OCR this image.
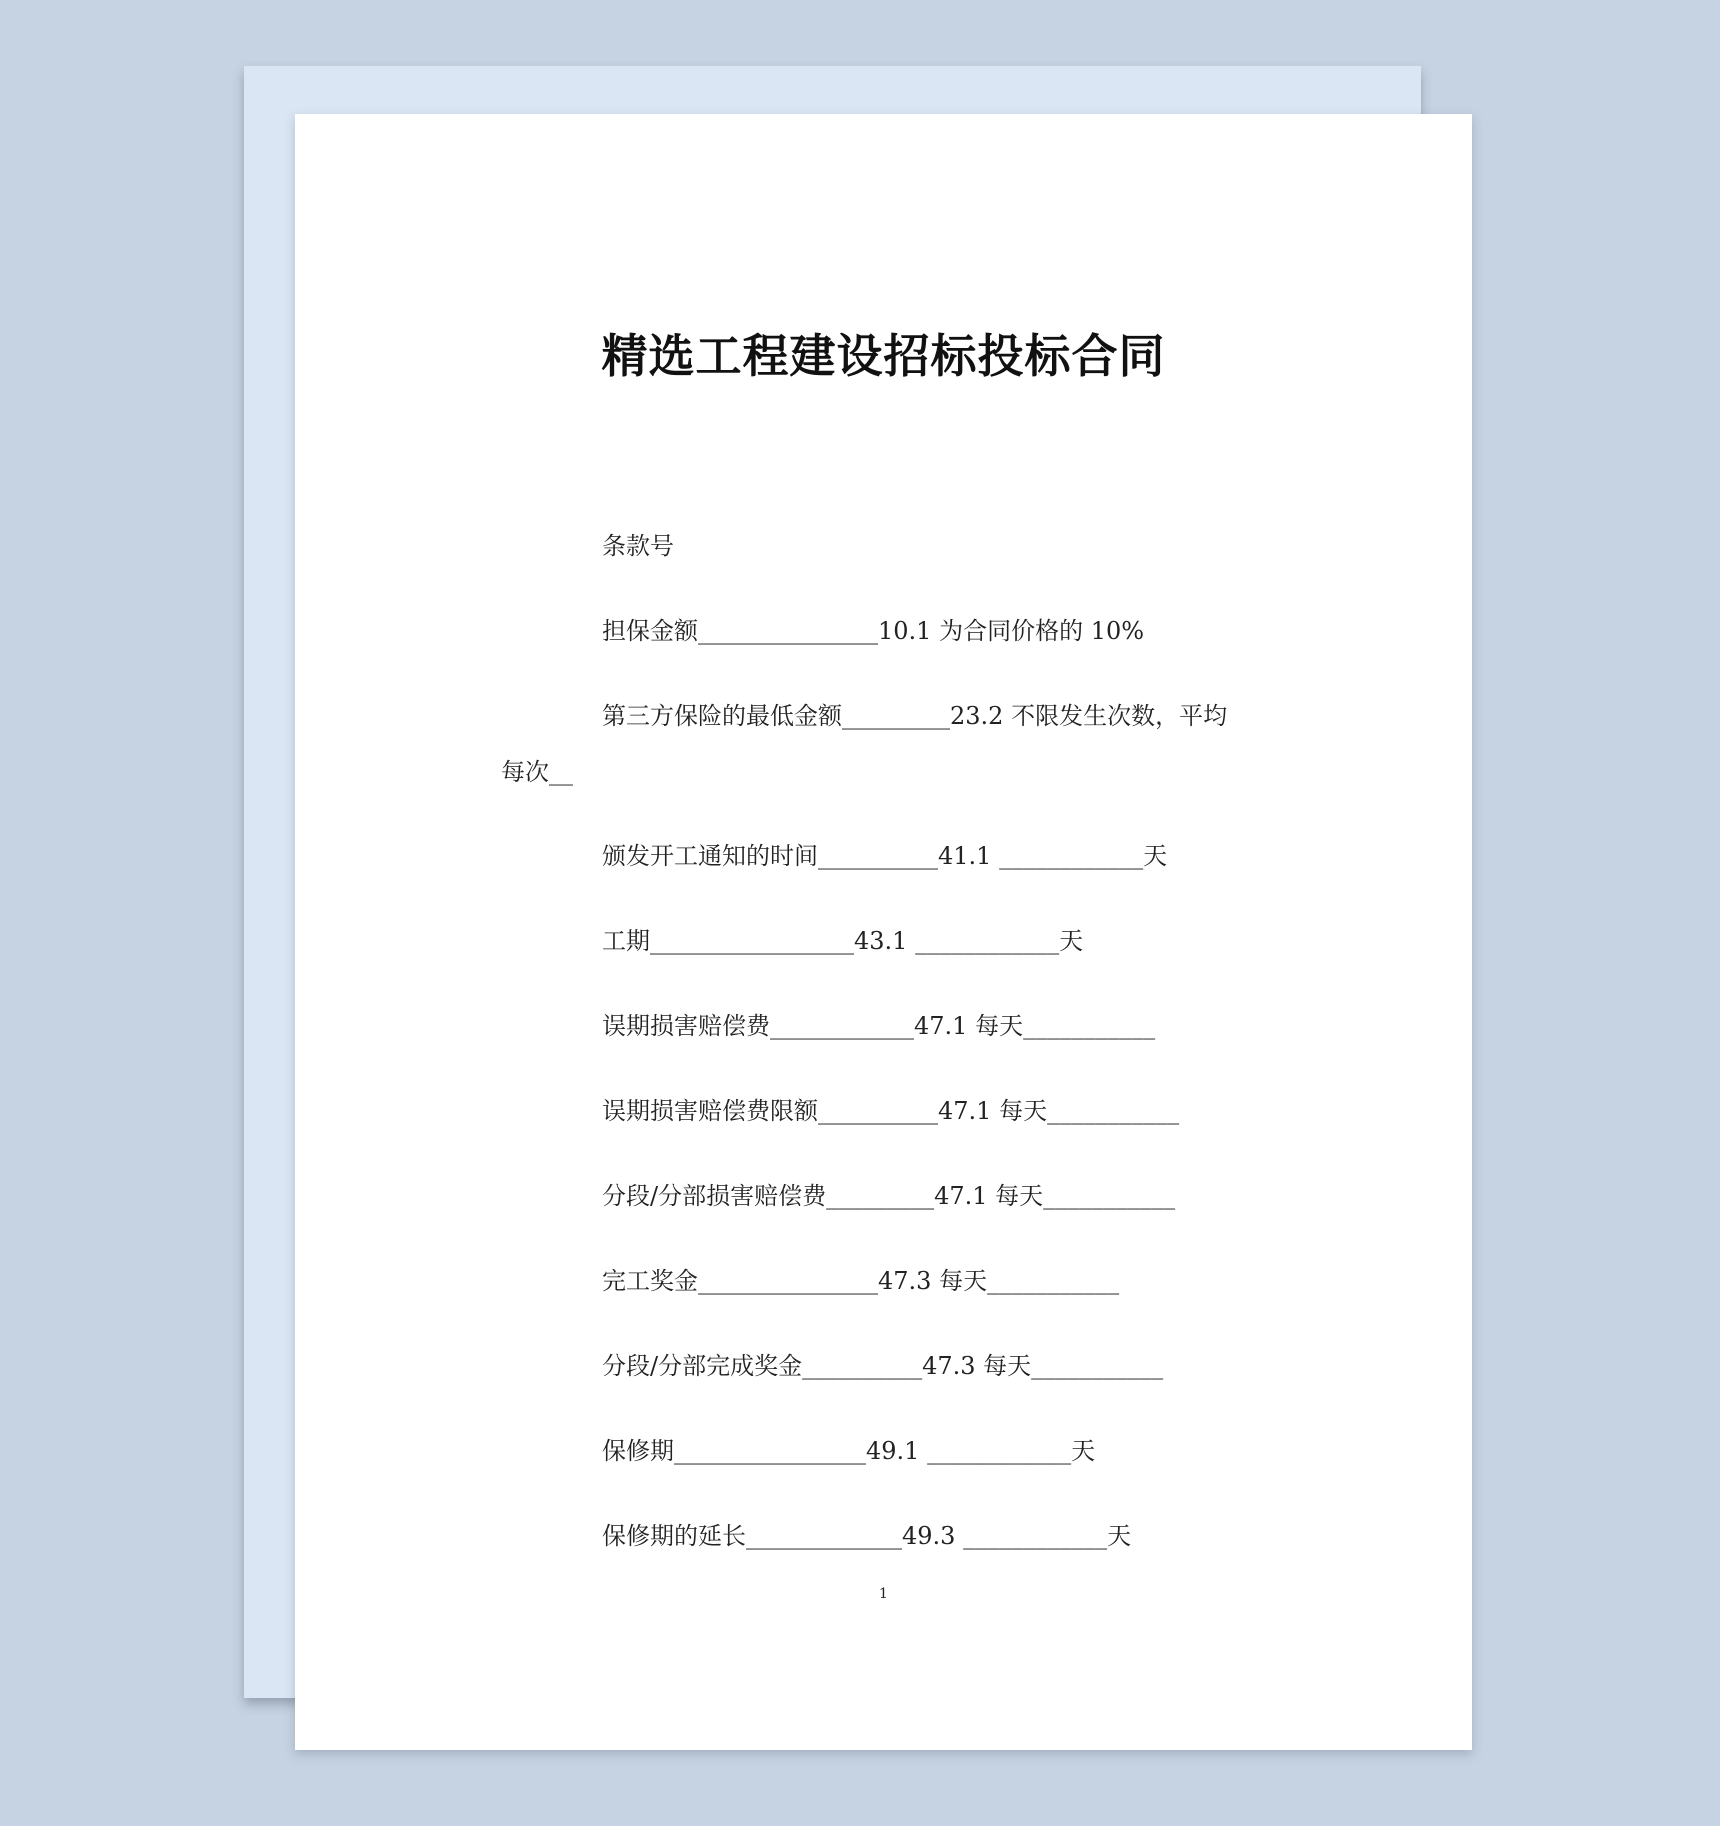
精选工程建设招标投标合同

条款号

担保金额_______________10.1 为合同价格的 10%

第三方保险的最低金额_________23.2 不限发生次数，平均

每次__

颁发开工通知的时间__________41.1 ____________天

工期_________________43.1 ____________天

误期损害赔偿费____________47.1 每天___________

误期损害赔偿费限额__________47.1 每天___________

分段/分部损害赔偿费_________47.1 每天___________

完工奖金_______________47.3 每天___________

分段/分部完成奖金__________47.3 每天___________

保修期________________49.1 ____________天

保修期的延长_____________49.3 ____________天

1
